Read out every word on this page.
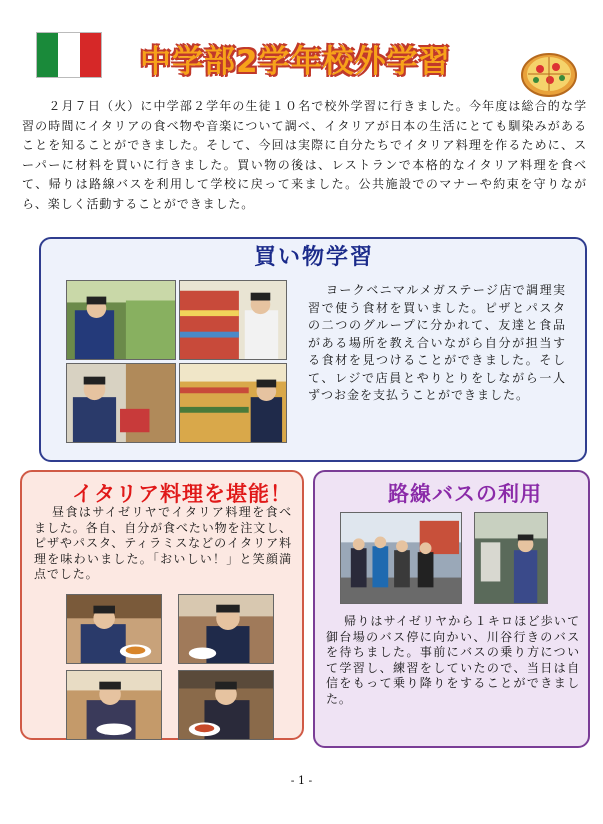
中学部2学年校外学習

２月７日（火）に中学部２学年の生徒１０名で校外学習に行きました。今年度は総合的な学習の時間にイタリアの食べ物や音楽について調べ、イタリアが日本の生活にとても馴染みがあることを知ることができました。そして、今回は実際に自分たちでイタリア料理を作るために、スーパーに材料を買いに行きました。買い物の後は、レストランで本格的なイタリア料理を食べて、帰りは路線バスを利用して学校に戻って来ました。公共施設でのマナーや約束を守りながら、楽しく活動することができました。

買い物学習

ヨークベニマルメガステージ店で調理実習で使う食材を買いました。ピザとパスタの二つのグループに分かれて、友達と食品がある場所を教え合いながら自分が担当する食材を見つけることができました。そして、レジで店員とやりとりをしながら一人ずつお金を支払うことができました。

イタリア料理を堪能！

昼食はサイゼリヤでイタリア料理を食べました。各自、自分が食べたい物を注文し、ピザやパスタ、ティラミスなどのイタリア料理を味わいました。「おいしい！」と笑顔満点でした。

路線バスの利用

帰りはサイゼリヤから１キロほど歩いて御台場のバス停に向かい、川谷行きのバスを待ちました。事前にバスの乗り方について学習し、練習をしていたので、当日は自信をもって乗り降りをすることができました。

- 1 -
